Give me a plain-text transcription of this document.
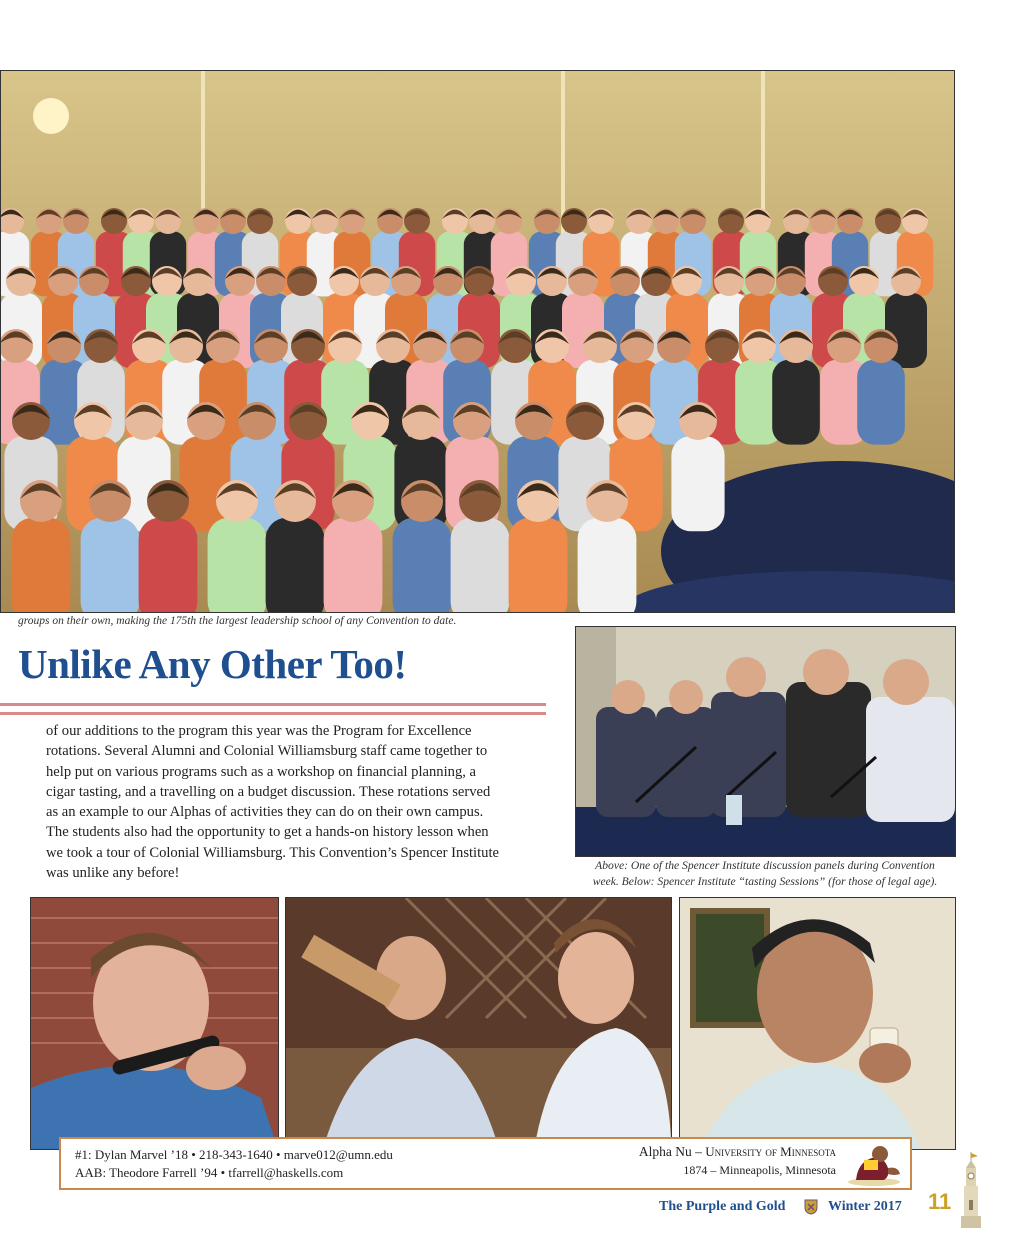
groups on their own, making the 175th the largest leadership school of any Convention to date.
Unlike Any Other Too!
of our additions to the program this year was the Program for Excellence
rotations. Several Alumni and Colonial Williamsburg staff came together to
help put on various programs such as a workshop on financial planning, a
cigar tasting, and a travelling on a budget discussion. These rotations served
as an example to our Alphas of activities they can do on their own campus.
The students also had the opportunity to get a hands-on history lesson when
we took a tour of Colonial Williamsburg. This Convention’s Spencer Institute
was unlike any before!	Above: One of the Spencer Institute discussion panels during Convention
week. Below: Spencer Institute “tasting Sessions” (for those of legal age).
#1: Dylan Marvel ’18 • 218-343-1640 • marve012@umn.edu
AAB: Theodore Farrell ’94 • tfarrell@haskells.com
Alpha Nu – University of Minnesota
1874 – Minneapolis, Minnesota
The Purple and Gold	Winter 2017 11
